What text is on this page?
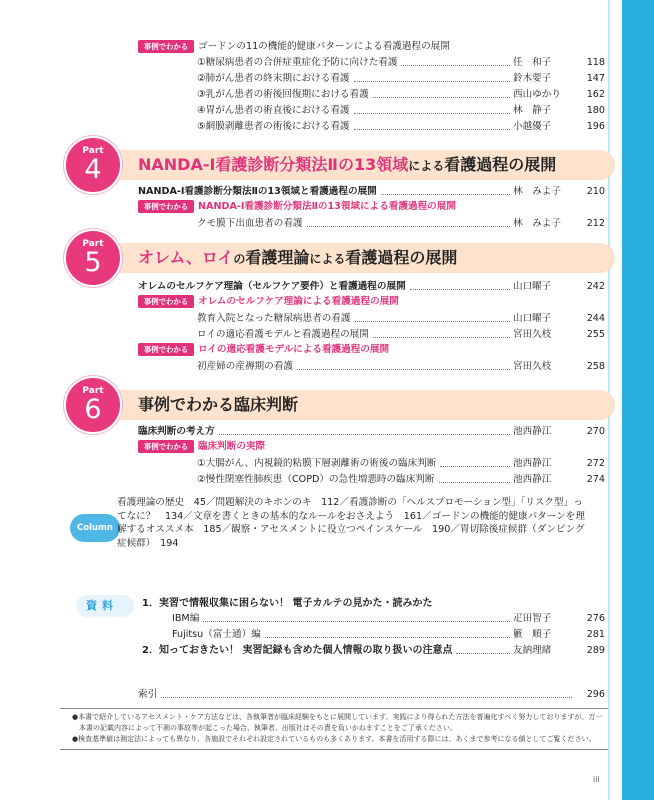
事例でわかる	ゴードンの11の機能的健康パターンによる看護過程の展開
①糖尿病患者の合併症重症化予防に向けた看護	任　和子	118
②肺がん患者の終末期における看護	鈴木要子	147
③乳がん患者の術後回復期における看護	西山ゆかり	162
④胃がん患者の術直後における看護	林　静子	180
⑤網膜剥離患者の術後における看護	小越優子	196
Part
4	NANDA-Ⅰ看護診断分類法Ⅱの13領域による看護過程の展開
NANDA-Ⅰ看護診断分類法Ⅱの13領域と看護過程の展開	林　みよ子	210
事例でわかる	NANDA-Ⅰ看護診断分類法Ⅱの13領域による看護過程の展開
クモ膜下出血患者の看護	林　みよ子	212
Part
5	オレム、ロイの看護理論による看護過程の展開
オレムのセルフケア理論（セルフケア要件）と看護過程の展開	山口曜子	242
事例でわかる	オレムのセルフケア理論による看護過程の展開
教育入院となった糖尿病患者の看護	山口曜子	244
ロイの適応看護モデルと看護過程の展開	宮田久枝	255
事例でわかる	ロイの適応看護モデルによる看護過程の展開
初産婦の産褥期の看護	宮田久枝	258
Part
6	事例でわかる臨床判断
臨床判断の考え方	池西静江	270
事例でわかる	臨床判断の実際
①大腸がん、内視鏡的粘膜下層剥離術の術後の臨床判断	池西静江	272
②慢性閉塞性肺疾患（COPD）の急性増悪時の臨床判断	池西静江	274
Column
看護理論の歴史　45／問題解決のキホンのキ　112／看護診断の「ヘルスプロモーション型」「リスク型」ってなに？　134／文章を書くときの基本的なルールをおさえよう　161／ゴードンの機能的健康パターンを理解するオススメ本　185／観察・アセスメントに役立つペインスケール　190／胃切除後症候群（ダンピング症候群）　194
資料 1．実習で情報収集に困らない！ 電子カルテの見かた・読みかた
IBM編	疋田智子	276
Fujitsu（富士通）編	籔　順子	281
2．知っておきたい！ 実習記録も含めた個人情報の取り扱いの注意点	友納理緒	289
索引	296
●本書で紹介しているアセスメント・ケア方法などは、各執筆者が臨床経験をもとに展開しています。実践により得られた方法を普遍化すべく努力しておりますが、万一
　本書の記載内容によって不測の事故等が起こった場合、執筆者、出版社はその責を負いかねますことをご了承ください。
●検査基準値は測定法によっても異なり、各施設でそれぞれ設定されているものも多くあります。本書を活用する際には、あくまで参考になる値としてご覧ください。
iii
